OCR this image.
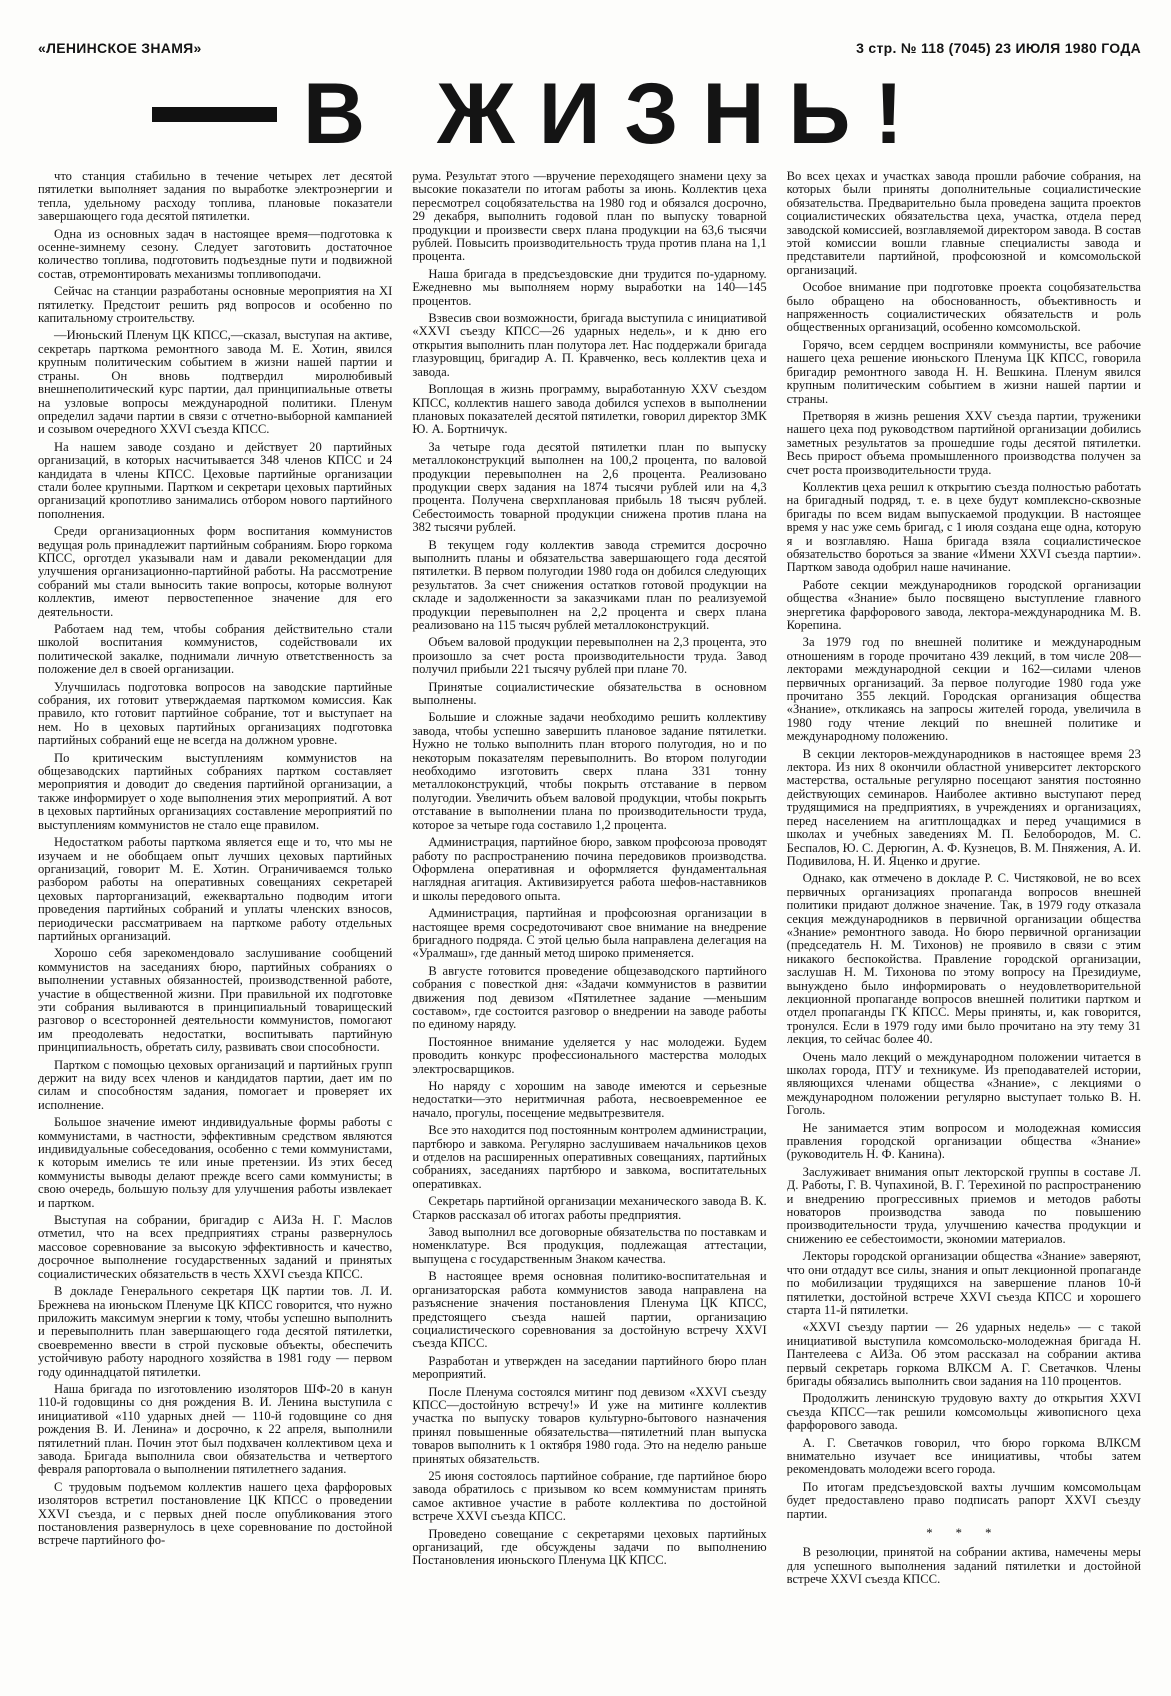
«ЛЕНИНСКОЕ ЗНАМЯ»	3 стр. № 118 (7045) 23 ИЮЛЯ 1980 ГОДА
В ЖИЗНЬ!

что станция стабильно в течение четырех лет десятой пятилетки выполняет задания по выработке электроэнергии и тепла, удельному расходу топлива, плановые показатели завершающего года десятой пятилетки.

Одна из основных задач в настоящее время—подготовка к осенне-зимнему сезону. Следует заготовить достаточное количество топлива, подготовить подъездные пути и подвижной состав, отремонтировать механизмы топливоподачи.

Сейчас на станции разработаны основные мероприятия на XI пятилетку. Предстоит решить ряд вопросов и особенно по капитальному строительству.

—Июньский Пленум ЦК КПСС,—сказал, выступая на активе, секретарь парткома ремонтного завода М. Е. Хотин, явился крупным политическим событием в жизни нашей партии и страны. Он вновь подтвердил миролюбивый внешнеполитический курс партии, дал принципиальные ответы на узловые вопросы международной политики. Пленум определил задачи партии в связи с отчетно-выборной кампанией и созывом очередного XXVI съезда КПСС.

На нашем заводе создано и действует 20 партийных организаций, в которых насчитывается 348 членов КПСС и 24 кандидата в члены КПСС. Цеховые партийные организации стали более крупными. Партком и секретари цеховых партийных организаций кропотливо занимались отбором нового партийного пополнения.

Среди организационных форм воспитания коммунистов ведущая роль принадлежит партийным собраниям. Бюро горкома КПСС, орготдел указывали нам и давали рекомендации для улучшения организационно-партийной работы. На рассмотрение собраний мы стали выносить такие вопросы, которые волнуют коллектив, имеют первостепенное значение для его деятельности.

Работаем над тем, чтобы собрания действительно стали школой воспитания коммунистов, содействовали их политической закалке, поднимали личную ответственность за положение дел в своей организации.

Улучшилась подготовка вопросов на заводские партийные собрания, их готовит утверждаемая парткомом комиссия. Как правило, кто готовит партийное собрание, тот и выступает на нем. Но в цеховых партийных организациях подготовка партийных собраний еще не всегда на должном уровне.

По критическим выступлениям коммунистов на общезаводских партийных собраниях партком составляет мероприятия и доводит до сведения партийной организации, а также информирует о ходе выполнения этих мероприятий. А вот в цеховых партийных организациях составление мероприятий по выступлениям коммунистов не стало еще правилом.

Недостатком работы парткома является еще и то, что мы не изучаем и не обобщаем опыт лучших цеховых партийных организаций, говорит М. Е. Хотин. Ограничиваемся только разбором работы на оперативных совещаниях секретарей цеховых парторганизаций, ежеквартально подводим итоги проведения партийных собраний и уплаты членских взносов, периодически рассматриваем на парткоме работу отдельных партийных организаций.

Хорошо себя зарекомендовало заслушивание сообщений коммунистов на заседаниях бюро, партийных собраниях о выполнении уставных обязанностей, производственной работе, участие в общественной жизни. При правильной их подготовке эти собрания выливаются в принципиальный товарищеский разговор о всесторонней деятельности коммунистов, помогают им преодолевать недостатки, воспитывать партийную принципиальность, обретать силу, развивать свои способности.

Партком с помощью цеховых организаций и партийных групп держит на виду всех членов и кандидатов партии, дает им по силам и способностям задания, помогает и проверяет их исполнение.

Большое значение имеют индивидуальные формы работы с коммунистами, в частности, эффективным средством являются индивидуальные собеседования, особенно с теми коммунистами, к которым имелись те или иные претензии. Из этих бесед коммунисты выводы делают прежде всего сами коммунисты; в свою очередь, большую пользу для улучшения работы извлекает и партком.

Выступая на собрании, бригадир с АИЗа Н. Г. Маслов отметил, что на всех предприятиях страны развернулось массовое соревнование за высокую эффективность и качество, досрочное выполнение государственных заданий и принятых социалистических обязательств в честь XXVI съезда КПСС.

В докладе Генерального секретаря ЦК партии тов. Л. И. Брежнева на июньском Пленуме ЦК КПСС говорится, что нужно приложить максимум энергии к тому, чтобы успешно выполнить и перевыполнить план завершающего года десятой пятилетки, своевременно ввести в строй пусковые объекты, обеспечить устойчивую работу народного хозяйства в 1981 году — первом году одиннадцатой пятилетки.

Наша бригада по изготовлению изоляторов ШФ-20 в канун 110-й годовщины со дня рождения В. И. Ленина выступила с инициативой «110 ударных дней — 110-й годовщине со дня рождения В. И. Ленина» и досрочно, к 22 апреля, выполнили пятилетний план. Почин этот был подхвачен коллективом цеха и завода. Бригада выполнила свои обязательства и четвертого февраля рапортовала о выполнении пятилетнего задания.

С трудовым подъемом коллектив нашего цеха фарфоровых изоляторов встретил постановление ЦК КПСС о проведении XXVI съезда, и с первых дней после опубликования этого постановления развернулось в цехе соревнование по достойной встрече партийного фо-

рума. Результат этого —вручение переходящего знамени цеху за высокие показатели по итогам работы за июнь. Коллектив цеха пересмотрел соцобязательства на 1980 год и обязался досрочно, 29 декабря, выполнить годовой план по выпуску товарной продукции и произвести сверх плана продукции на 63,6 тысячи рублей. Повысить производительность труда против плана на 1,1 процента.

Наша бригада в предсъездовские дни трудится по-ударному. Ежедневно мы выполняем норму выработки на 140—145 процентов.

Взвесив свои возможности, бригада выступила с инициативой «XXVI съезду КПСС—26 ударных недель», и к дню его открытия выполнить план полутора лет. Нас поддержали бригада глазуровщиц, бригадир А. П. Кравченко, весь коллектив цеха и завода.

Воплощая в жизнь программу, выработанную XXV съездом КПСС, коллектив нашего завода добился успехов в выполнении плановых показателей десятой пятилетки, говорил директор ЗМК Ю. А. Бортничук.

За четыре года десятой пятилетки план по выпуску металлоконструкций выполнен на 100,2 процента, по валовой продукции перевыполнен на 2,6 процента. Реализовано продукции сверх задания на 1874 тысячи рублей или на 4,3 процента. Получена сверхплановая прибыль 18 тысяч рублей. Себестоимость товарной продукции снижена против плана на 382 тысячи рублей.

В текущем году коллектив завода стремится досрочно выполнить планы и обязательства завершающего года десятой пятилетки. В первом полугодии 1980 года он добился следующих результатов. За счет снижения остатков готовой продукции на складе и задолженности за заказчиками план по реализуемой продукции перевыполнен на 2,2 процента и сверх плана реализовано на 115 тысяч рублей металлоконструкций.

Объем валовой продукции перевыполнен на 2,3 процента, это произошло за счет роста производительности труда. Завод получил прибыли 221 тысячу рублей при плане 70.

Принятые социалистические обязательства в основном выполнены.

Большие и сложные задачи необходимо решить коллективу завода, чтобы успешно завершить плановое задание пятилетки. Нужно не только выполнить план второго полугодия, но и по некоторым показателям перевыполнить. Во втором полугодии необходимо изготовить сверх плана 331 тонну металлоконструкций, чтобы покрыть отставание в первом полугодии. Увеличить объем валовой продукции, чтобы покрыть отставание в выполнении плана по производительности труда, которое за четыре года составило 1,2 процента.

Администрация, партийное бюро, завком профсоюза проводят работу по распространению почина передовиков производства. Оформлена оперативная и оформляется фундаментальная наглядная агитация. Активизируется работа шефов-наставников и школы передового опыта.

Администрация, партийная и профсоюзная организации в настоящее время сосредоточивают свое внимание на внедрение бригадного подряда. С этой целью была направлена делегация на «Уралмаш», где данный метод широко применяется.

В августе готовится проведение общезаводского партийного собрания с повесткой дня: «Задачи коммунистов в развитии движения под девизом «Пятилетнее задание —меньшим составом», где состоится разговор о внедрении на заводе работы по единому наряду.

Постоянное внимание уделяется у нас молодежи. Будем проводить конкурс профессионального мастерства молодых электросварщиков.

Но наряду с хорошим на заводе имеются и серьезные недостатки—это неритмичная работа, несвоевременное ее начало, прогулы, посещение медвытрезвителя.

Все это находится под постоянным контролем администрации, партбюро и завкома. Регулярно заслушиваем начальников цехов и отделов на расширенных оперативных совещаниях, партийных собраниях, заседаниях партбюро и завкома, воспитательных оперативках.

Секретарь партийной организации механического завода В. К. Старков рассказал об итогах работы предприятия.

Завод выполнил все договорные обязательства по поставкам и номенклатуре. Вся продукция, подлежащая аттестации, выпущена с государственным Знаком качества.

В настоящее время основная политико-воспитательная и организаторская работа коммунистов завода направлена на разъяснение значения постановления Пленума ЦК КПСС, предстоящего съезда нашей партии, организацию социалистического соревнования за достойную встречу XXVI съезда КПСС.

Разработан и утвержден на заседании партийного бюро план мероприятий.

После Пленума состоялся митинг под девизом «XXVI съезду КПСС—достойную встречу!» И уже на митинге коллектив участка по выпуску товаров культурно-бытового назначения принял повышенные обязательства—пятилетний план выпуска товаров выполнить к 1 октября 1980 года. Это на неделю раньше принятых обязательств.

25 июня состоялось партийное собрание, где партийное бюро завода обратилось с призывом ко всем коммунистам принять самое активное участие в работе коллектива по достойной встрече XXVI съезда КПСС.

Проведено совещание с секретарями цеховых партийных организаций, где обсуждены задачи по выполнению Постановления июньского Пленума ЦК КПСС.

Во всех цехах и участках завода прошли рабочие собрания, на которых были приняты дополнительные социалистические обязательства. Предварительно была проведена защита проектов социалистических обязательства цеха, участка, отдела перед заводской комиссией, возглавляемой директором завода. В состав этой комиссии вошли главные специалисты завода и представители партийной, профсоюзной и комсомольской организаций.

Особое внимание при подготовке проекта соцобязательства было обращено на обоснованность, объективность и напряженность социалистических обязательств и роль общественных организаций, особенно комсомольской.

Горячо, всем сердцем восприняли коммунисты, все рабочие нашего цеха решение июньского Пленума ЦК КПСС, говорила бригадир ремонтного завода Н. Н. Вешкина. Пленум явился крупным политическим событием в жизни нашей партии и страны.

Претворяя в жизнь решения XXV съезда партии, труженики нашего цеха под руководством партийной организации добились заметных результатов за прошедшие годы десятой пятилетки. Весь прирост объема промышленного производства получен за счет роста производительности труда.

Коллектив цеха решил к открытию съезда полностью работать на бригадный подряд, т. е. в цехе будут комплексно-сквозные бригады по всем видам выпускаемой продукции. В настоящее время у нас уже семь бригад, с 1 июля создана еще одна, которую я и возглавляю. Наша бригада взяла социалистическое обязательство бороться за звание «Имени XXVI съезда партии». Партком завода одобрил наше начинание.

Работе секции международников городской организации общества «Знание» было посвящено выступление главного энергетика фарфорового завода, лектора-международника М. В. Корепина.

За 1979 год по внешней политике и международным отношениям в городе прочитано 439 лекций, в том числе 208—лекторами международной секции и 162—силами членов первичных организаций. За первое полугодие 1980 года уже прочитано 355 лекций. Городская организация общества «Знание», откликаясь на запросы жителей города, увеличила в 1980 году чтение лекций по внешней политике и международному положению.

В секции лекторов-международников в настоящее время 23 лектора. Из них 8 окончили областной университет лекторского мастерства, остальные регулярно посещают занятия постоянно действующих семинаров. Наиболее активно выступают перед трудящимися на предприятиях, в учреждениях и организациях, перед населением на агитплощадках и перед учащимися в школах и учебных заведениях М. П. Белобородов, М. С. Беспалов, Ю. С. Дерюгин, А. Ф. Кузнецов, В. М. Пняжения, А. И. Подивилова, Н. И. Яценко и другие.

Однако, как отмечено в докладе Р. С. Чистяковой, не во всех первичных организациях пропаганда вопросов внешней политики придают должное значение. Так, в 1979 году отказала секция международников в первичной организации общества «Знание» ремонтного завода. Но бюро первичной организации (председатель Н. М. Тихонов) не проявило в связи с этим никакого беспокойства. Правление городской организации, заслушав Н. М. Тихонова по этому вопросу на Президиуме, вынуждено было информировать о неудовлетворительной лекционной пропаганде вопросов внешней политики партком и отдел пропаганды ГК КПСС. Меры приняты, и, как говорится, тронулся. Если в 1979 году ими было прочитано на эту тему 31 лекция, то сейчас более 40.

Очень мало лекций о международном положении читается в школах города, ПТУ и техникуме. Из преподавателей истории, являющихся членами общества «Знание», с лекциями о международном положении регулярно выступает только В. Н. Гоголь.

Не занимается этим вопросом и молодежная комиссия правления городской организации общества «Знание» (руководитель Н. Ф. Канина).

Заслуживает внимания опыт лекторской группы в составе Л. Д. Работы, Г. В. Чупахиной, В. Г. Терехиной по распространению и внедрению прогрессивных приемов и методов работы новаторов производства завода по повышению производительности труда, улучшению качества продукции и снижению ее себестоимости, экономии материалов.

Лекторы городской организации общества «Знание» заверяют, что они отдадут все силы, знания и опыт лекционной пропаганде по мобилизации трудящихся на завершение планов 10-й пятилетки, достойной встрече XXVI съезда КПСС и хорошего старта 11-й пятилетки.

«XXVI съезду партии — 26 ударных недель» — с такой инициативой выступила комсомольско-молодежная бригада Н. Пантелеева с АИЗа. Об этом рассказал на собрании актива первый секретарь горкома ВЛКСМ А. Г. Светачков. Члены бригады обязались выполнить свои задания на 110 процентов.

Продолжить ленинскую трудовую вахту до открытия XXVI съезда КПСС—так решили комсомольцы живописного цеха фарфорового завода.

А. Г. Светачков говорил, что бюро горкома ВЛКСМ внимательно изучает все инициативы, чтобы затем рекомендовать молодежи всего города.

По итогам предсъездовской вахты лучшим комсомольцам будет предоставлено право подписать рапорт XXVI съезду партии.

* * *

В резолюции, принятой на собрании актива, намечены меры для успешного выполнения заданий пятилетки и достойной встрече XXVI съезда КПСС.
